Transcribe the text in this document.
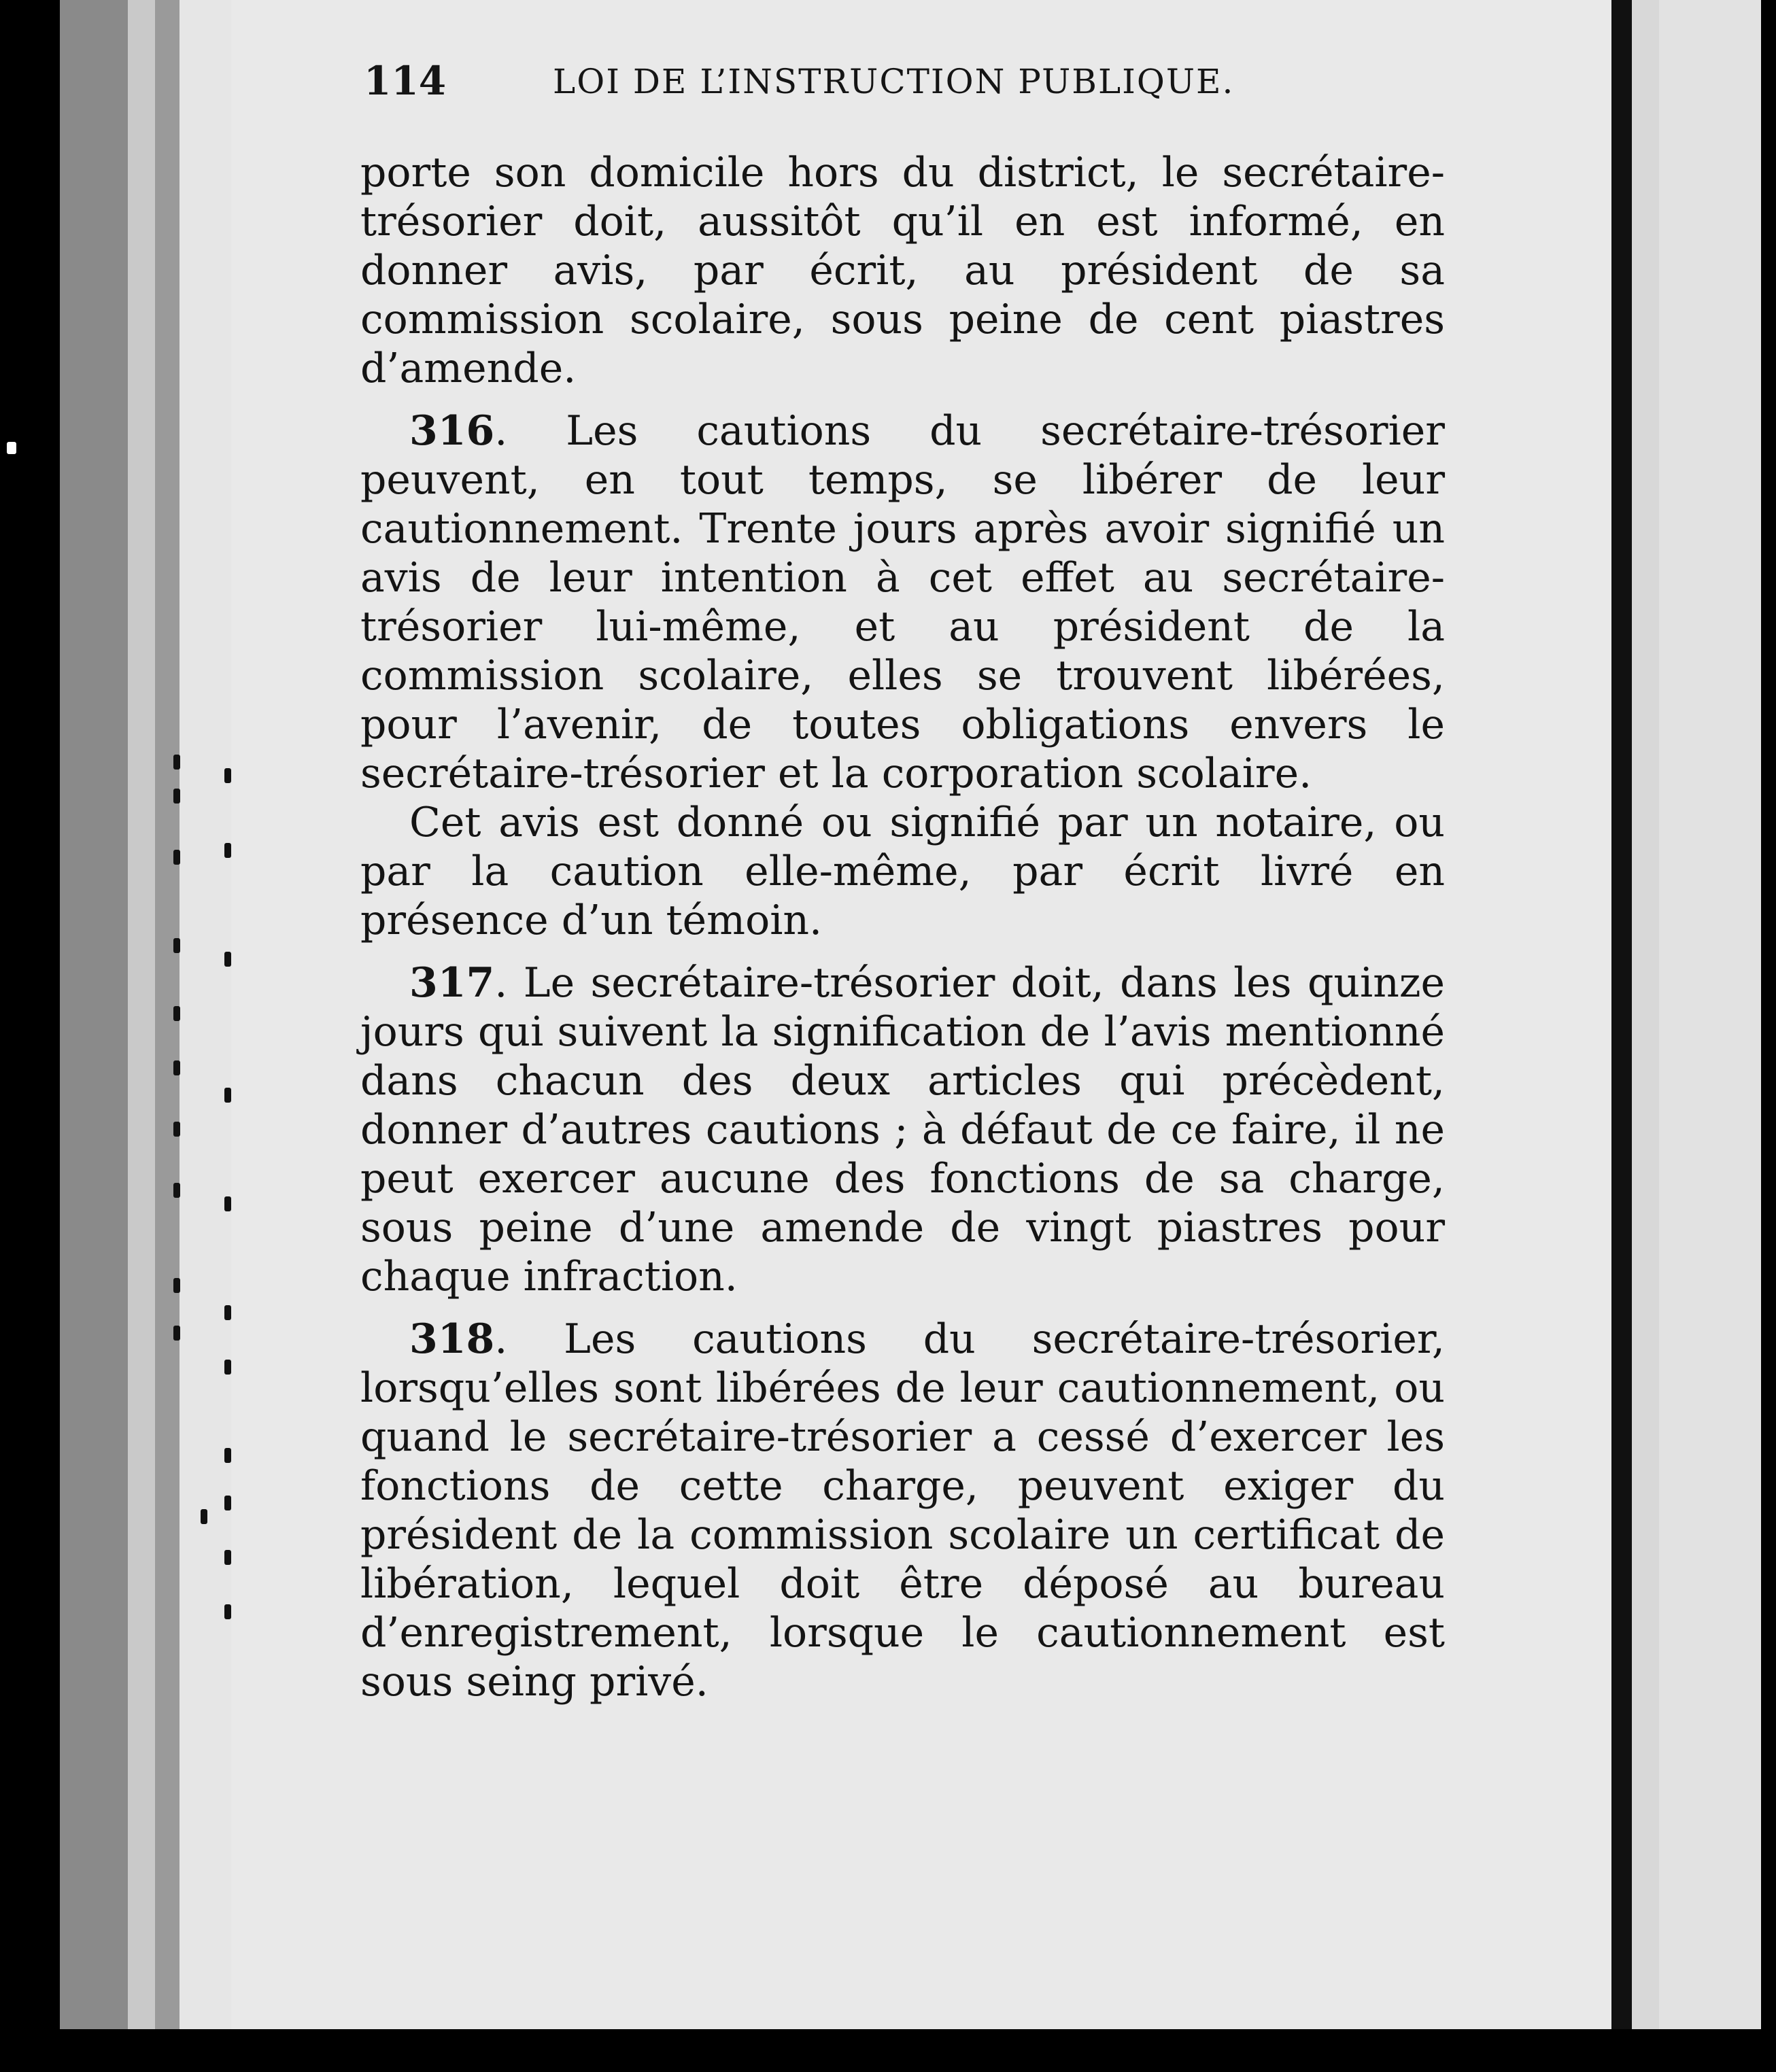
114	LOI DE L’INSTRUCTION PUBLIQUE.

porte son domicile hors du district, le secrétaire-trésorier doit, aussitôt qu’il en est informé, en donner avis, par écrit, au président de sa commission scolaire, sous peine de cent piastres d’amende.

316. Les cautions du secrétaire-trésorier peuvent, en tout temps, se libérer de leur cautionnement. Trente jours après avoir signifié un avis de leur intention à cet effet au secrétaire-trésorier lui-même, et au président de la commission scolaire, elles se trouvent libérées, pour l’avenir, de toutes obligations envers le secrétaire-trésorier et la corporation scolaire.

Cet avis est donné ou signifié par un notaire, ou par la caution elle-même, par écrit livré en présence d’un témoin.

317. Le secrétaire-trésorier doit, dans les quinze jours qui suivent la signification de l’avis mentionné dans chacun des deux articles qui précèdent, donner d’autres cautions ; à défaut de ce faire, il ne peut exercer aucune des fonctions de sa charge, sous peine d’une amende de vingt piastres pour chaque infraction.

318. Les cautions du secrétaire-trésorier, lorsqu’elles sont libérées de leur cautionnement, ou quand le secrétaire-trésorier a cessé d’exercer les fonctions de cette charge, peuvent exiger du président de la commission scolaire un certificat de libération, lequel doit être déposé au bureau d’enregistrement, lorsque le cautionnement est sous seing privé.
